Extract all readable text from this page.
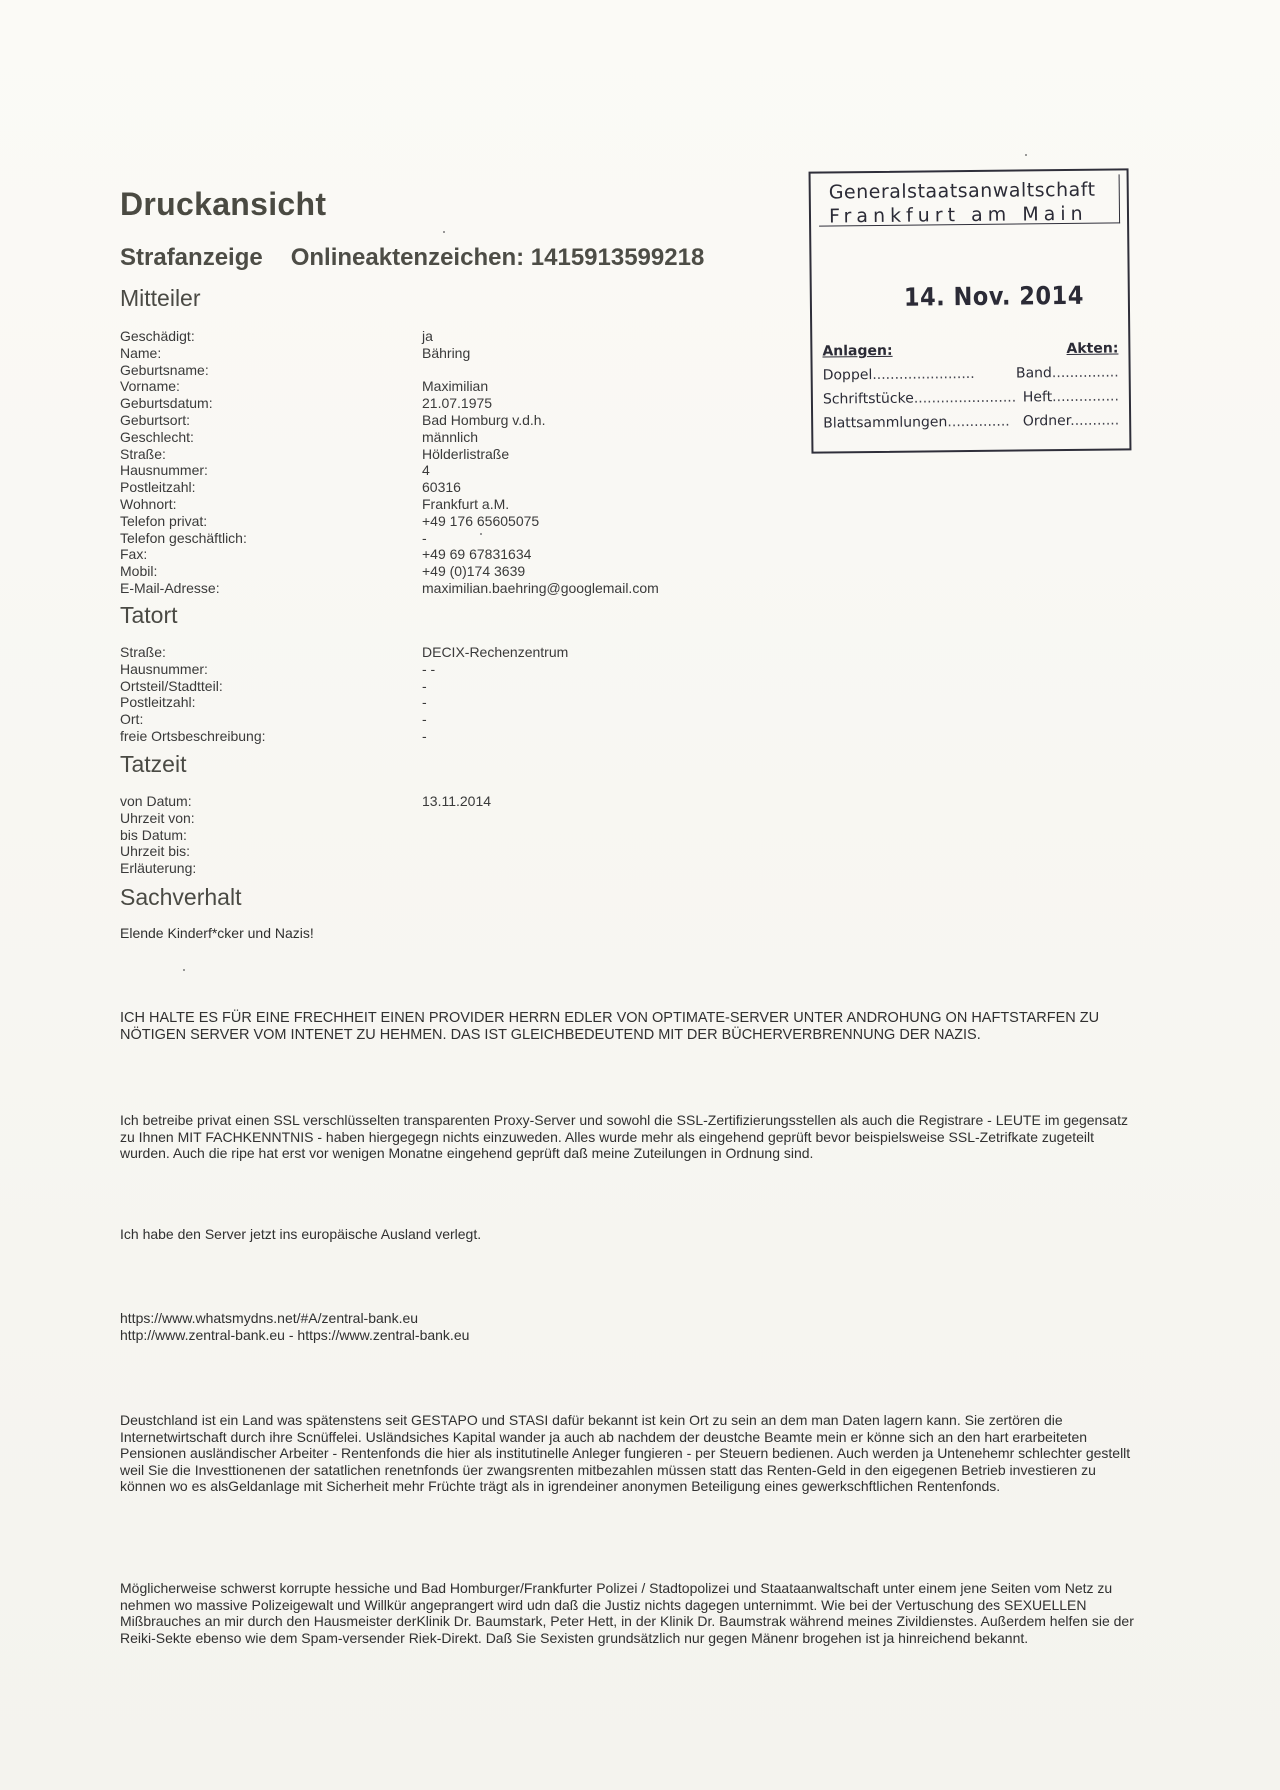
Druckansicht
Strafanzeige Onlineaktenzeichen: 1415913599218
Generalstaatsanwaltschaft
Frankfurt am Main
14. Nov. 2014
Anlagen:	Akten:
Doppel.......................	Band...............
Schriftstücke....................... Heft...............
Blattsammlungen.............. Ordner...........
Mitteiler
Geschädigt:	ja
Name:	Bähring
Geburtsname:
Vorname:	Maximilian
Geburtsdatum:	21.07.1975
Geburtsort:	Bad Homburg v.d.h.
Geschlecht:	männlich
Straße:	Hölderlistraße
Hausnummer:	4
Postleitzahl:	60316
Wohnort:	Frankfurt a.M.
Telefon privat:	+49 176 65605075
Telefon geschäftlich:	-
Fax:	+49 69 67831634
Mobil:	+49 (0)174 3639
E-Mail-Adresse:	maximilian.baehring@googlemail.com
Tatort
Straße:	DECIX-Rechenzentrum
Hausnummer:	- -
Ortsteil/Stadtteil:	-
Postleitzahl:	-
Ort:	-
freie Ortsbeschreibung:	-
Tatzeit
von Datum:	13.11.2014
Uhrzeit von:
bis Datum:
Uhrzeit bis:
Erläuterung:
Sachverhalt
Elende Kinderf*cker und Nazis!
ICH HALTE ES FÜR EINE FRECHHEIT EINEN PROVIDER HERRN EDLER VON OPTIMATE-SERVER UNTER ANDROHUNG ON HAFTSTARFEN ZU NÖTIGEN SERVER VOM INTENET ZU HEHMEN. DAS IST GLEICHBEDEUTEND MIT DER BÜCHERVERBRENNUNG DER NAZIS.
Ich betreibe privat einen SSL verschlüsselten transparenten Proxy-Server und sowohl die SSL-Zertifizierungsstellen als auch die Registrare - LEUTE im gegensatz zu Ihnen MIT FACHKENNTNIS - haben hiergegegn nichts einzuweden. Alles wurde mehr als eingehend geprüft bevor beispielsweise SSL-Zetrifkate zugeteilt wurden. Auch die ripe hat erst vor wenigen Monatne eingehend geprüft daß meine Zuteilungen in Ordnung sind.
Ich habe den Server jetzt ins europäische Ausland verlegt.
https://www.whatsmydns.net/#A/zentral-bank.eu
http://www.zentral-bank.eu - https://www.zentral-bank.eu
Deustchland ist ein Land was spätenstens seit GESTAPO und STASI dafür bekannt ist kein Ort zu sein an dem man Daten lagern kann. Sie zertören die Internetwirtschaft durch ihre Scnüffelei. Usländsiches Kapital wander ja auch ab nachdem der deustche Beamte mein er könne sich an den hart erarbeiteten Pensionen ausländischer Arbeiter - Rentenfonds die hier als institutinelle Anleger fungieren - per Steuern bedienen. Auch werden ja Untenehemr schlechter gestellt weil Sie die Investtionenen der satatlichen renetnfonds üer zwangsrenten mitbezahlen müssen statt das Renten-Geld in den eigegenen Betrieb investieren zu können wo es alsGeldanlage mit Sicherheit mehr Früchte trägt als in igrendeiner anonymen Beteiligung eines gewerkschftlichen Rentenfonds.
Möglicherweise schwerst korrupte hessiche und Bad Homburger/Frankfurter Polizei / Stadtopolizei und Staataanwaltschaft unter einem jene Seiten vom Netz zu nehmen wo massive Polizeigewalt und Willkür angeprangert wird udn daß die Justiz nichts dagegen unternimmt. Wie bei der Vertuschung des SEXUELLEN Mißbrauches an mir durch den Hausmeister derKlinik Dr. Baumstark, Peter Hett, in der Klinik Dr. Baumstrak während meines Zivildienstes. Außerdem helfen sie der Reiki-Sekte ebenso wie dem Spam-versender Riek-Direkt. Daß Sie Sexisten grundsätzlich nur gegen Mänenr brogehen ist ja hinreichend bekannt.
